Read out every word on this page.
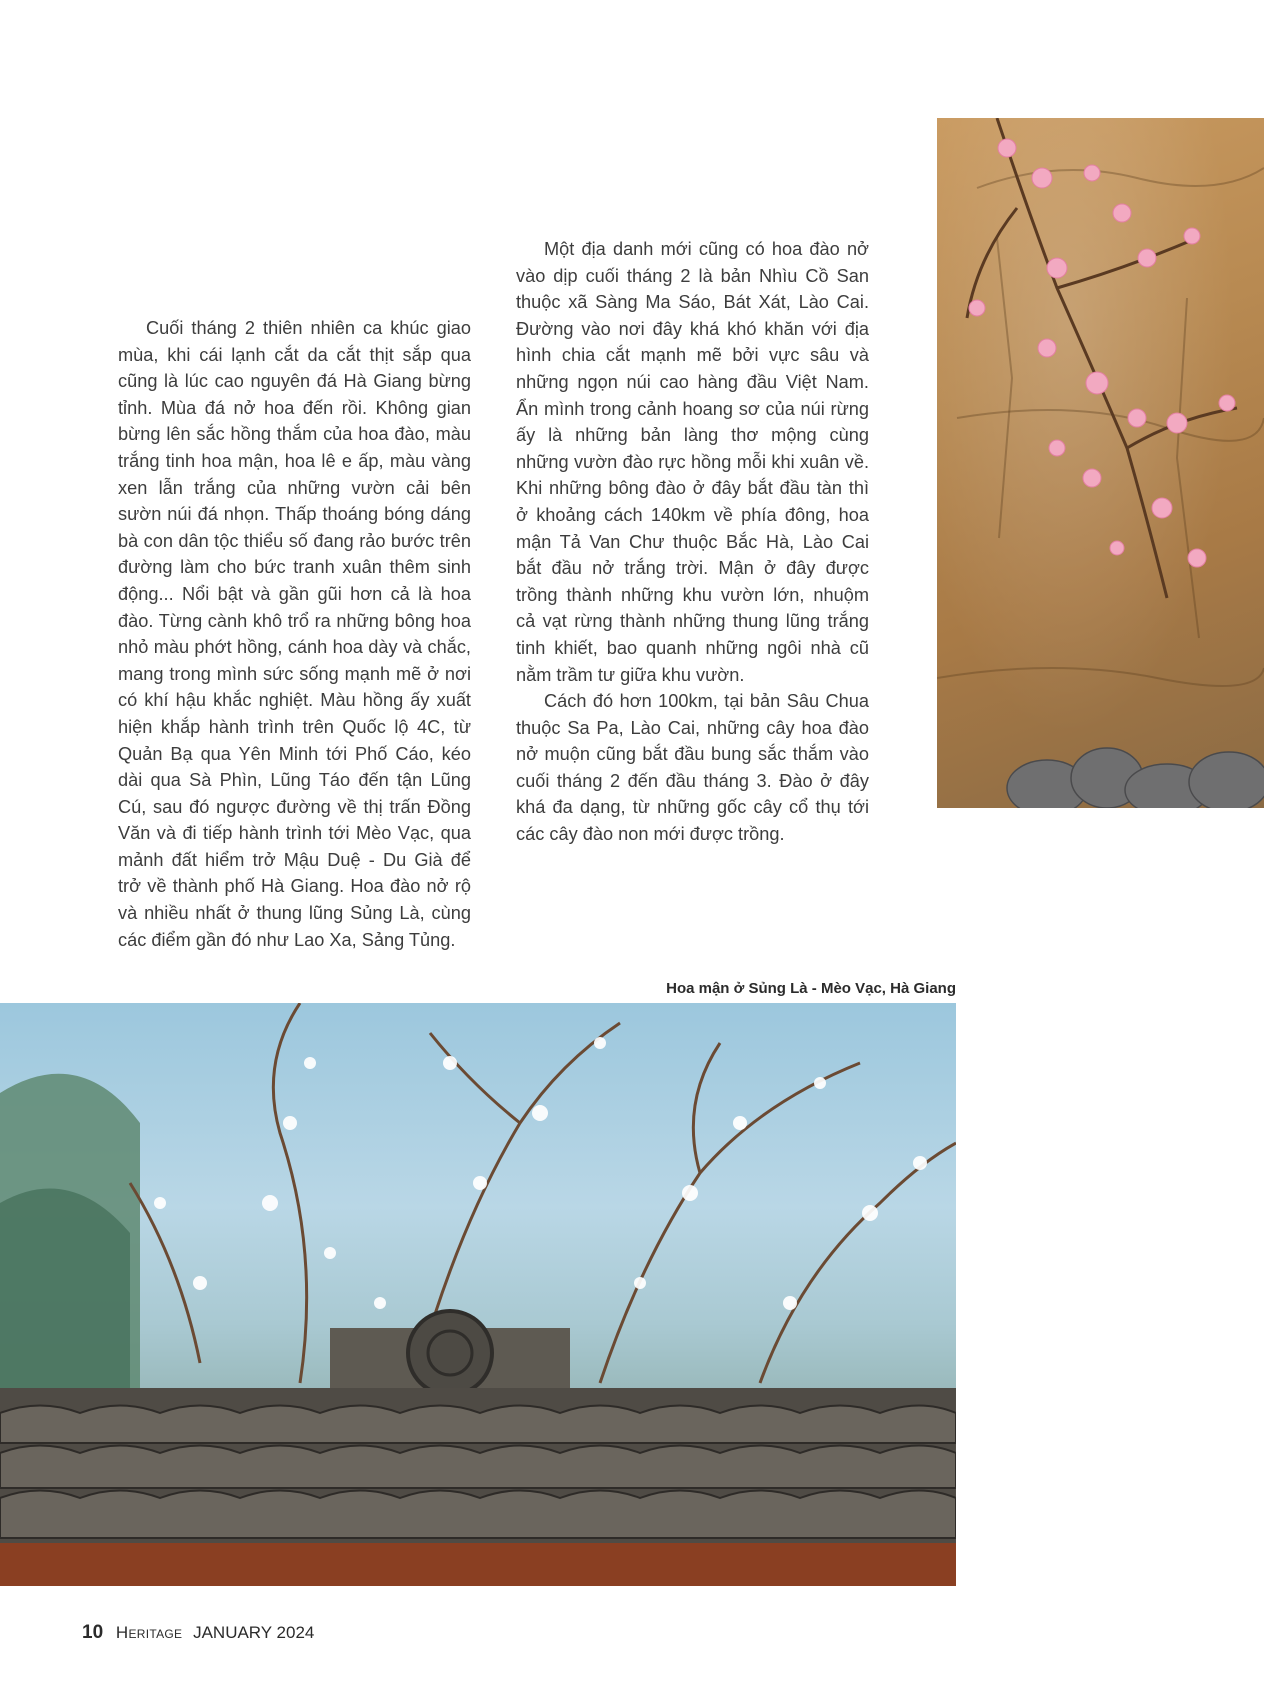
Cuối tháng 2 thiên nhiên ca khúc giao mùa, khi cái lạnh cắt da cắt thịt sắp qua cũng là lúc cao nguyên đá Hà Giang bừng tỉnh. Mùa đá nở hoa đến rồi. Không gian bừng lên sắc hồng thắm của hoa đào, màu trắng tinh hoa mận, hoa lê e ấp, màu vàng xen lẫn trắng của những vườn cải bên sườn núi đá nhọn. Thấp thoáng bóng dáng bà con dân tộc thiểu số đang rảo bước trên đường làm cho bức tranh xuân thêm sinh động... Nổi bật và gần gũi hơn cả là hoa đào. Từng cành khô trổ ra những bông hoa nhỏ màu phớt hồng, cánh hoa dày và chắc, mang trong mình sức sống mạnh mẽ ở nơi có khí hậu khắc nghiệt. Màu hồng ấy xuất hiện khắp hành trình trên Quốc lộ 4C, từ Quản Bạ qua Yên Minh tới Phố Cáo, kéo dài qua Sà Phìn, Lũng Táo đến tận Lũng Cú, sau đó ngược đường về thị trấn Đồng Văn và đi tiếp hành trình tới Mèo Vạc, qua mảnh đất hiểm trở Mậu Duệ - Du Già để trở về thành phố Hà Giang. Hoa đào nở rộ và nhiều nhất ở thung lũng Sủng Là, cùng các điểm gần đó như Lao Xa, Sảng Tủng.

Một địa danh mới cũng có hoa đào nở vào dịp cuối tháng 2 là bản Nhìu Cồ San thuộc xã Sàng Ma Sáo, Bát Xát, Lào Cai. Đường vào nơi đây khá khó khăn với địa hình chia cắt mạnh mẽ bởi vực sâu và những ngọn núi cao hàng đầu Việt Nam. Ẩn mình trong cảnh hoang sơ của núi rừng ấy là những bản làng thơ mộng cùng những vườn đào rực hồng mỗi khi xuân về. Khi những bông đào ở đây bắt đầu tàn thì ở khoảng cách 140km về phía đông, hoa mận Tả Van Chư thuộc Bắc Hà, Lào Cai bắt đầu nở trắng trời. Mận ở đây được trồng thành những khu vườn lớn, nhuộm cả vạt rừng thành những thung lũng trắng tinh khiết, bao quanh những ngôi nhà cũ nằm trầm tư giữa khu vườn.

Cách đó hơn 100km, tại bản Sâu Chua thuộc Sa Pa, Lào Cai, những cây hoa đào nở muộn cũng bắt đầu bung sắc thắm vào cuối tháng 2 đến đầu tháng 3. Đào ở đây khá đa dạng, từ những gốc cây cổ thụ tới các cây đào non mới được trồng.

Hoa mận ở Sủng Là - Mèo Vạc, Hà Giang
10 Heritage JANUARY 2024
